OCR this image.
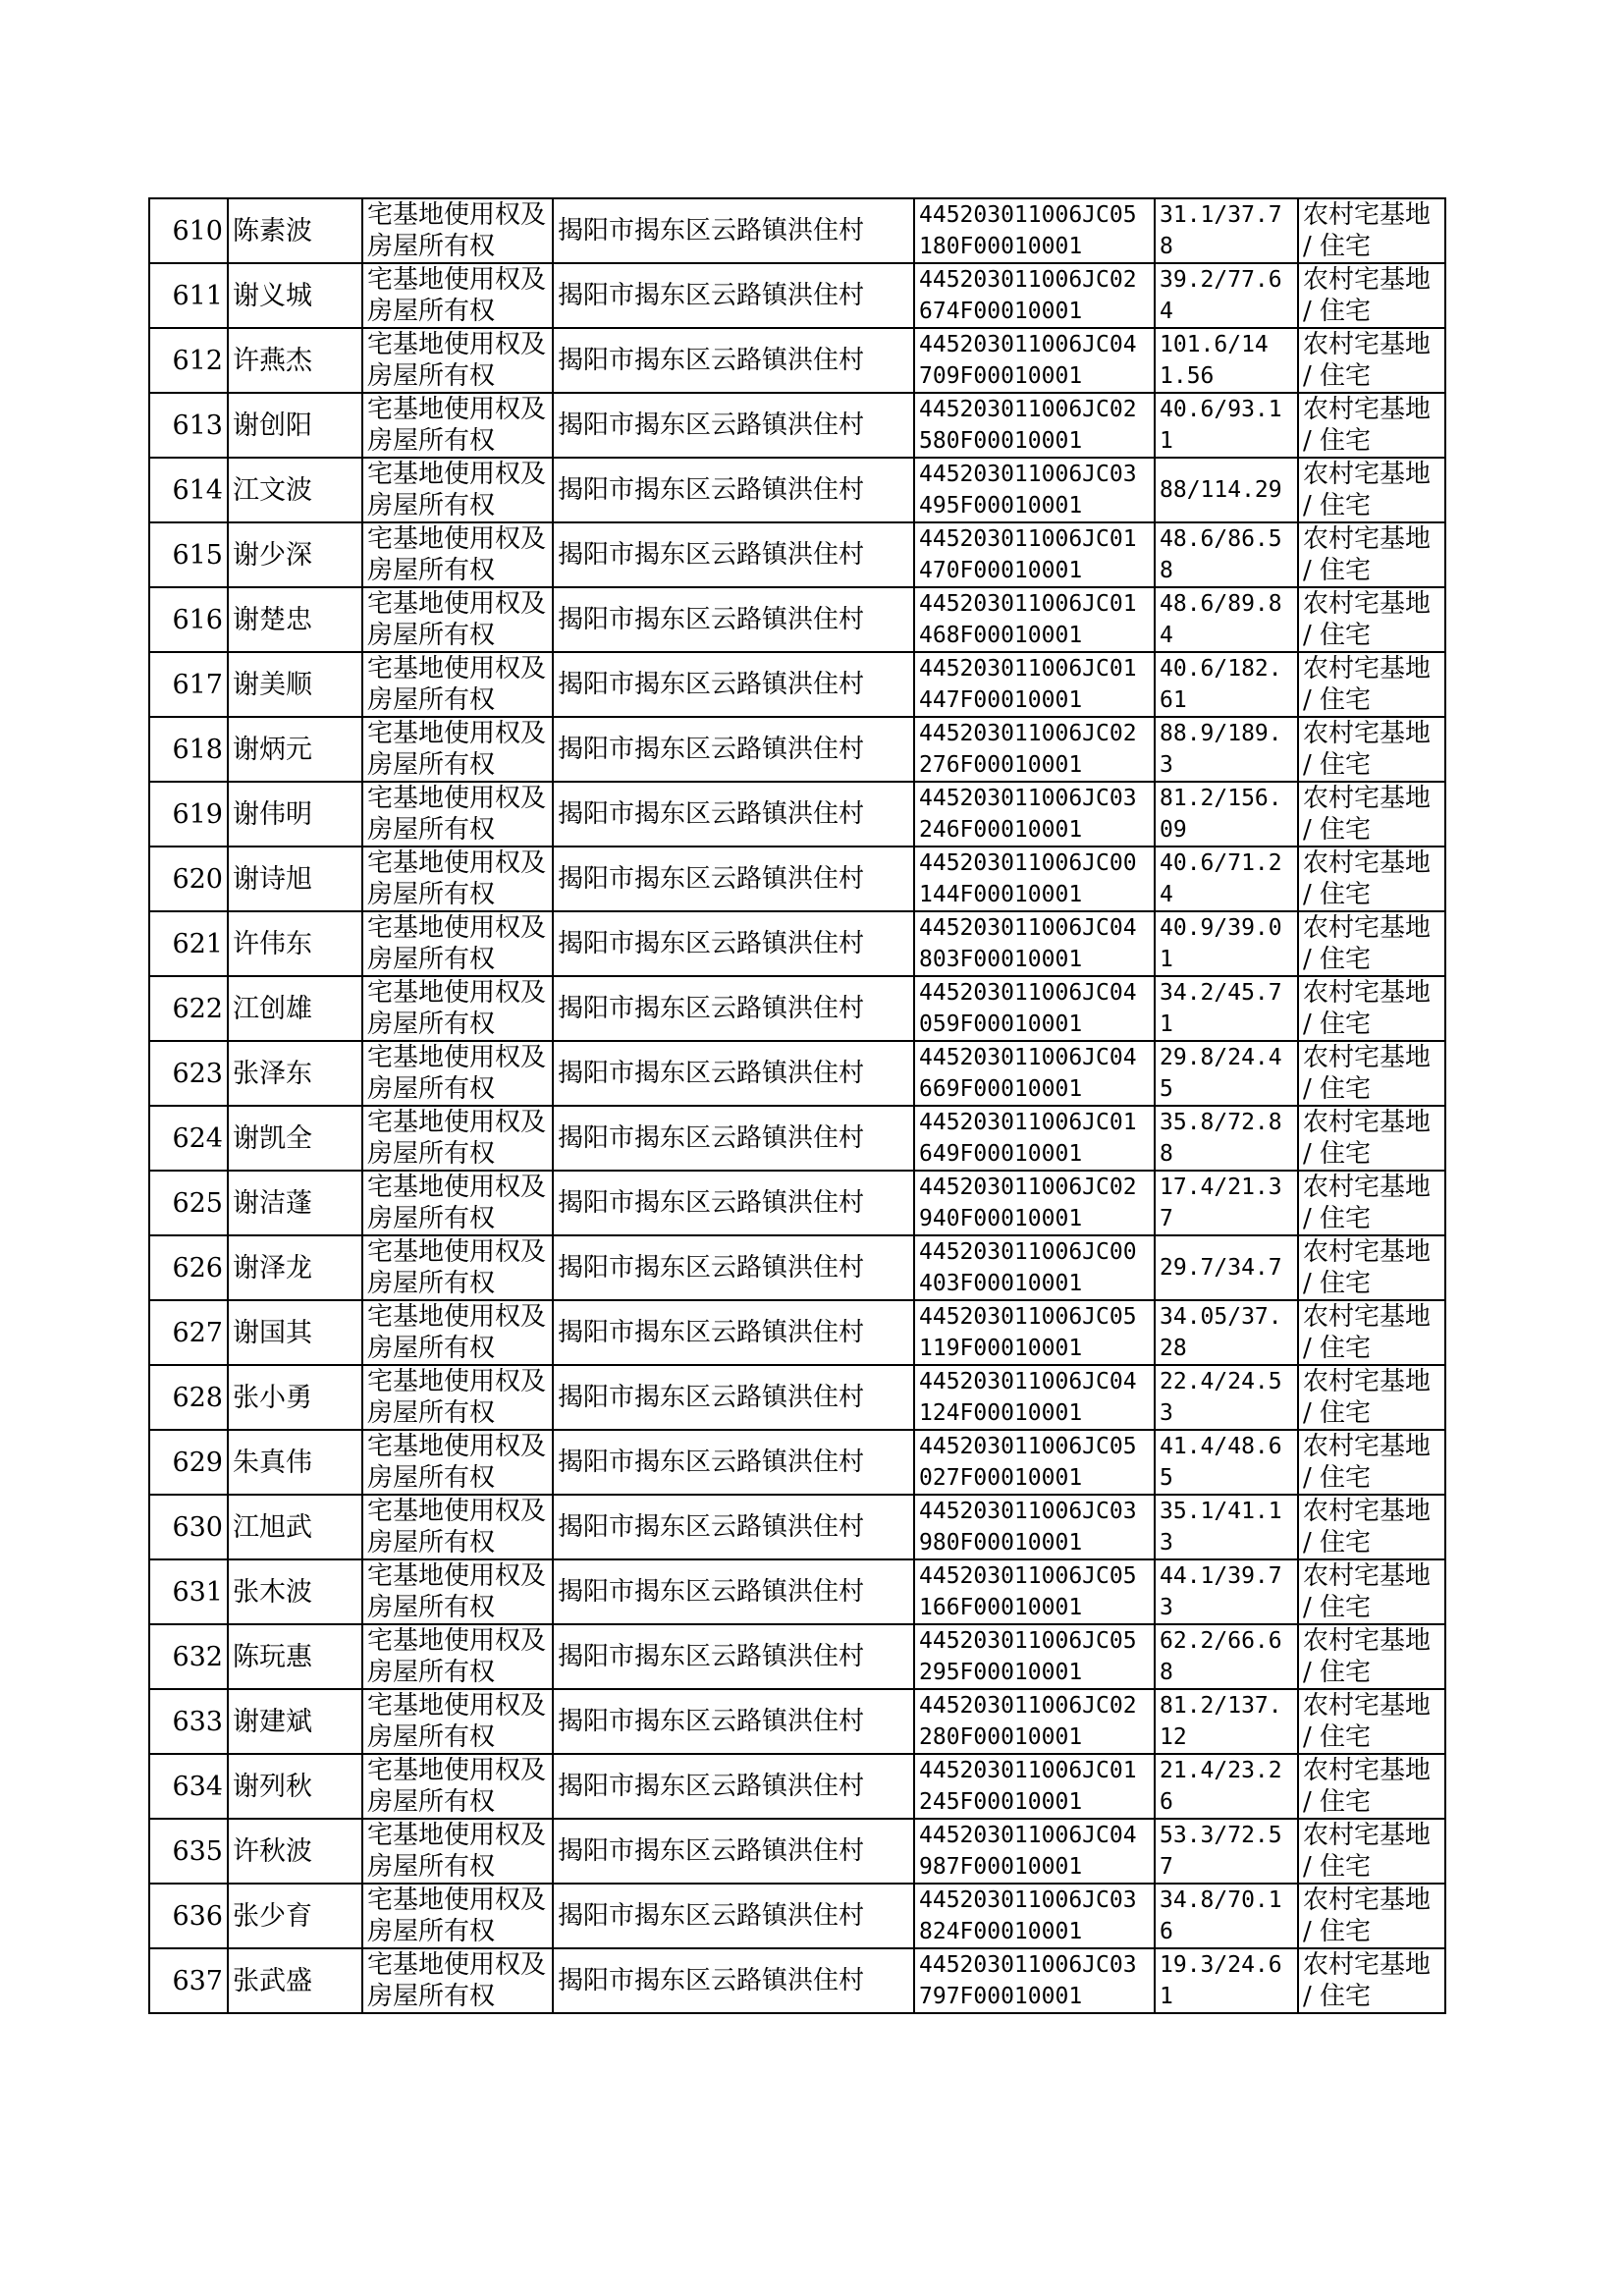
610	陈素波	宅基地使用权及房屋所有权	揭阳市揭东区云路镇洪住村	445203011006JC05180F00010001	31.1/37.78	农村宅基地 / 住宅
611	谢义城	宅基地使用权及房屋所有权	揭阳市揭东区云路镇洪住村	445203011006JC02674F00010001	39.2/77.64	农村宅基地 / 住宅
612	许燕杰	宅基地使用权及房屋所有权	揭阳市揭东区云路镇洪住村	445203011006JC04709F00010001	101.6/141.56	农村宅基地 / 住宅
613	谢创阳	宅基地使用权及房屋所有权	揭阳市揭东区云路镇洪住村	445203011006JC02580F00010001	40.6/93.11	农村宅基地 / 住宅
614	江文波	宅基地使用权及房屋所有权	揭阳市揭东区云路镇洪住村	445203011006JC03495F00010001	88/114.29	农村宅基地 / 住宅
615	谢少深	宅基地使用权及房屋所有权	揭阳市揭东区云路镇洪住村	445203011006JC01470F00010001	48.6/86.58	农村宅基地 / 住宅
616	谢楚忠	宅基地使用权及房屋所有权	揭阳市揭东区云路镇洪住村	445203011006JC01468F00010001	48.6/89.84	农村宅基地 / 住宅
617	谢美顺	宅基地使用权及房屋所有权	揭阳市揭东区云路镇洪住村	445203011006JC01447F00010001	40.6/182.61	农村宅基地 / 住宅
618	谢炳元	宅基地使用权及房屋所有权	揭阳市揭东区云路镇洪住村	445203011006JC02276F00010001	88.9/189.3	农村宅基地 / 住宅
619	谢伟明	宅基地使用权及房屋所有权	揭阳市揭东区云路镇洪住村	445203011006JC03246F00010001	81.2/156.09	农村宅基地 / 住宅
620	谢诗旭	宅基地使用权及房屋所有权	揭阳市揭东区云路镇洪住村	445203011006JC00144F00010001	40.6/71.24	农村宅基地 / 住宅
621	许伟东	宅基地使用权及房屋所有权	揭阳市揭东区云路镇洪住村	445203011006JC04803F00010001	40.9/39.01	农村宅基地 / 住宅
622	江创雄	宅基地使用权及房屋所有权	揭阳市揭东区云路镇洪住村	445203011006JC04059F00010001	34.2/45.71	农村宅基地 / 住宅
623	张泽东	宅基地使用权及房屋所有权	揭阳市揭东区云路镇洪住村	445203011006JC04669F00010001	29.8/24.45	农村宅基地 / 住宅
624	谢凯全	宅基地使用权及房屋所有权	揭阳市揭东区云路镇洪住村	445203011006JC01649F00010001	35.8/72.88	农村宅基地 / 住宅
625	谢洁蓬	宅基地使用权及房屋所有权	揭阳市揭东区云路镇洪住村	445203011006JC02940F00010001	17.4/21.37	农村宅基地 / 住宅
626	谢泽龙	宅基地使用权及房屋所有权	揭阳市揭东区云路镇洪住村	445203011006JC00403F00010001	29.7/34.7	农村宅基地 / 住宅
627	谢国其	宅基地使用权及房屋所有权	揭阳市揭东区云路镇洪住村	445203011006JC05119F00010001	34.05/37.28	农村宅基地 / 住宅
628	张小勇	宅基地使用权及房屋所有权	揭阳市揭东区云路镇洪住村	445203011006JC04124F00010001	22.4/24.53	农村宅基地 / 住宅
629	朱真伟	宅基地使用权及房屋所有权	揭阳市揭东区云路镇洪住村	445203011006JC05027F00010001	41.4/48.65	农村宅基地 / 住宅
630	江旭武	宅基地使用权及房屋所有权	揭阳市揭东区云路镇洪住村	445203011006JC03980F00010001	35.1/41.13	农村宅基地 / 住宅
631	张木波	宅基地使用权及房屋所有权	揭阳市揭东区云路镇洪住村	445203011006JC05166F00010001	44.1/39.73	农村宅基地 / 住宅
632	陈玩惠	宅基地使用权及房屋所有权	揭阳市揭东区云路镇洪住村	445203011006JC05295F00010001	62.2/66.68	农村宅基地 / 住宅
633	谢建斌	宅基地使用权及房屋所有权	揭阳市揭东区云路镇洪住村	445203011006JC02280F00010001	81.2/137.12	农村宅基地 / 住宅
634	谢列秋	宅基地使用权及房屋所有权	揭阳市揭东区云路镇洪住村	445203011006JC01245F00010001	21.4/23.26	农村宅基地 / 住宅
635	许秋波	宅基地使用权及房屋所有权	揭阳市揭东区云路镇洪住村	445203011006JC04987F00010001	53.3/72.57	农村宅基地 / 住宅
636	张少育	宅基地使用权及房屋所有权	揭阳市揭东区云路镇洪住村	445203011006JC03824F00010001	34.8/70.16	农村宅基地 / 住宅
637	张武盛	宅基地使用权及房屋所有权	揭阳市揭东区云路镇洪住村	445203011006JC03797F00010001	19.3/24.61	农村宅基地 / 住宅
